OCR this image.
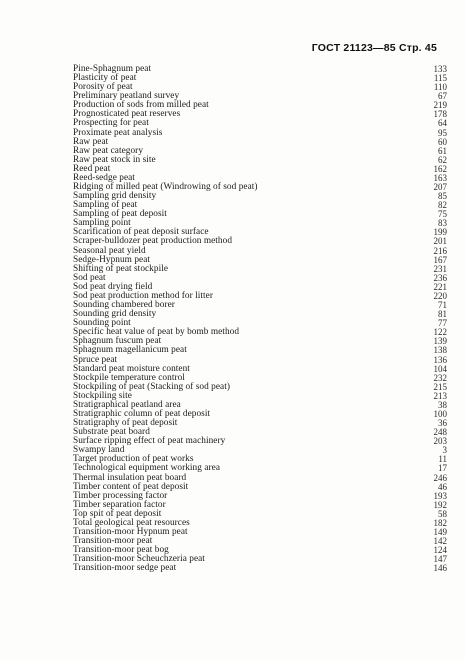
ГОСТ 21123—85 Стр. 45
Pine-Sphagnum peat	133
Plasticity of peat	115
Porosity of peat	110
Preliminary peatland survey	67
Production of sods from milled peat	219
Prognosticated peat reserves	178
Prospecting for peat	64
Proximate peat analysis	95
Raw peat	60
Raw peat category	61
Raw peat stock in site	62
Reed peat	162
Reed-sedge peat	163
Ridging of milled peat (Windrowing of sod peat)	207
Sampling grid density	85
Sampling of peat	82
Sampling of peat deposit	75
Sampling point	83
Scarification of peat deposit surface	199
Scraper-bulldozer peat production method	201
Seasonal peat yield	216
Sedge-Hypnum peat	167
Shifting of peat stockpile	231
Sod peat	236
Sod peat drying field	221
Sod peat production method for litter	220
Sounding chambered borer	71
Sounding grid density	81
Sounding point	77
Specific heat value of peat by bomb method	122
Sphagnum fuscum peat	139
Sphagnum magellanicum peat	138
Spruce peat	136
Standard peat moisture content	104
Stockpile temperature control	232
Stockpiling of peat (Stacking of sod peat)	215
Stockpiling site	213
Stratigraphical peatland area	38
Stratigraphic column of peat deposit	100
Stratigraphy of peat deposit	36
Substrate peat board	248
Surface ripping effect of peat machinery	203
Swampy land	3
Target production of peat works	11
Technological equipment working area	17
Thermal insulation peat board	246
Timber content of peat deposit	46
Timber processing factor	193
Timber separation factor	192
Top spit of peat deposit	58
Total geological peat resources	182
Transition-moor Hypnum peat	149
Transition-moor peat	142
Transition-moor peat bog	124
Transition-moor Scheuchzeria peat	147
Transition-moor sedge peat	146
